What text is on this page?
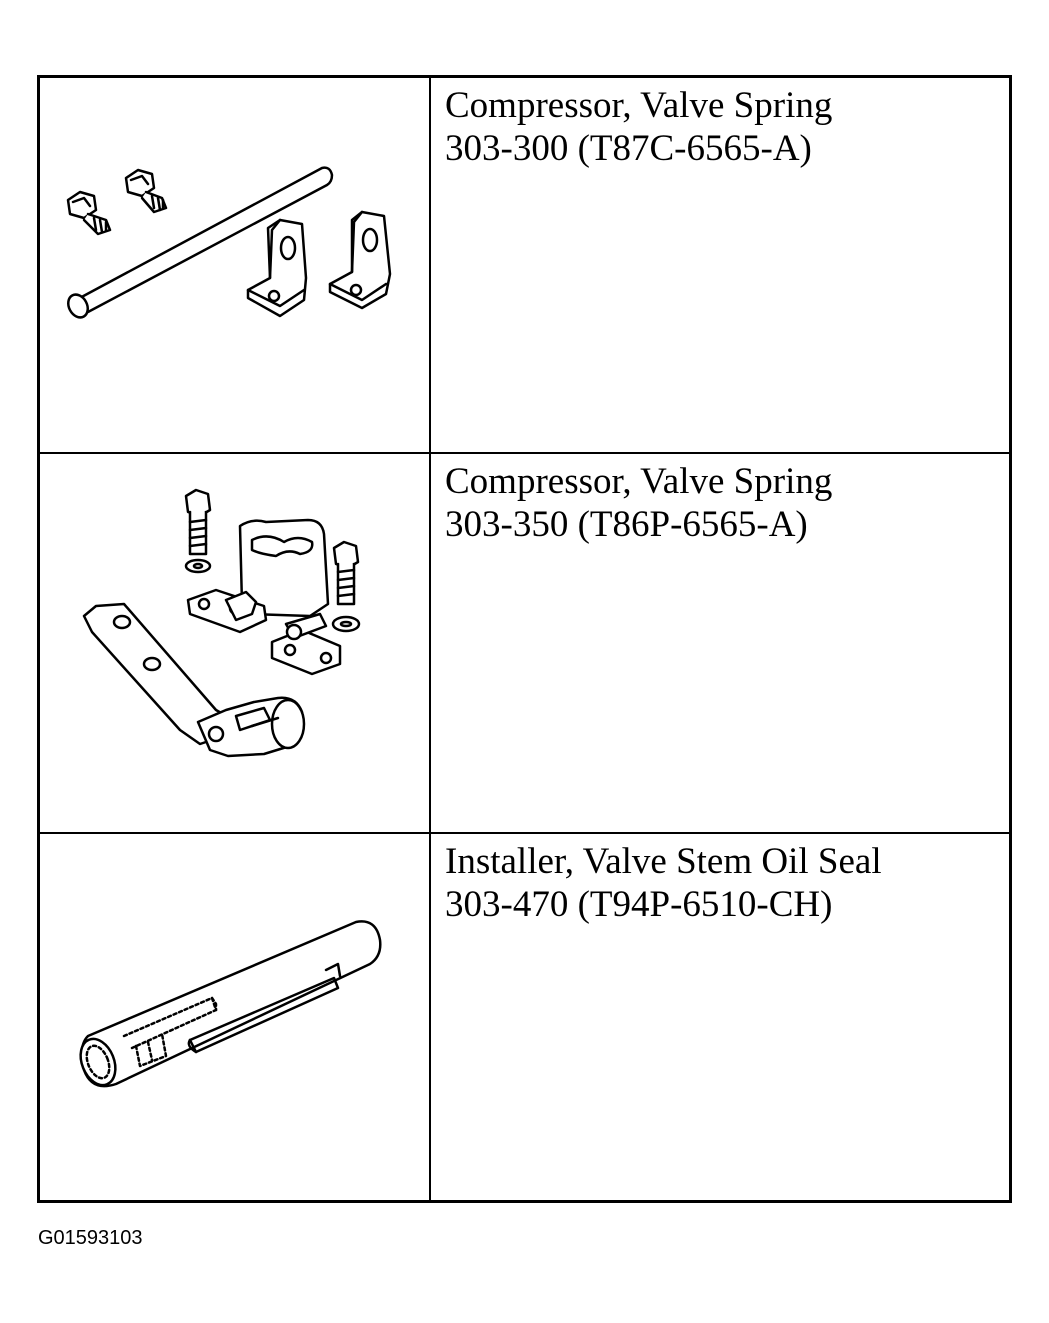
Compressor, Valve Spring
303-300 (T87C-6565-A)
Compressor, Valve Spring
303-350 (T86P-6565-A)
Installer, Valve Stem Oil Seal
303-470 (T94P-6510-CH)
G01593103
